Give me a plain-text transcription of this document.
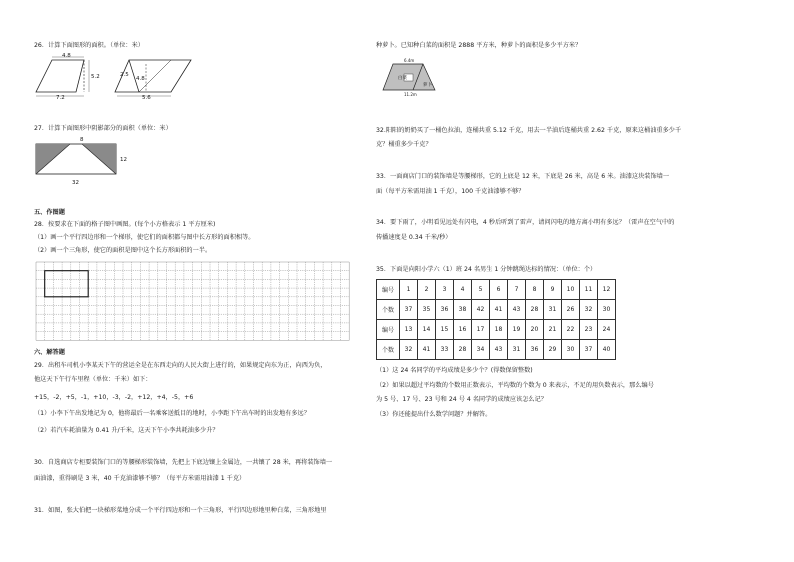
26．计算下面图形的面积。（单位：米）
4.8
5.2
7.2
2.5
4.8
5.6
27．计算下面图形中阴影部分的面积（单位：米）
8
12
32
五、作图题
28．按要求在下面的格子图中画图。(每个小方格表示 1 平方厘米)
（1）画一个平行四边形和一个梯形，使它们的面积都与图中长方形的面积相等。
（2）画一个三角形，使它的面积是图中这个长方形面积的一半。
六、解答题
29．出租车司机小李某天下午的营运全是在东西走向的人民大街上进行的，如果规定向东为正，向西为负，
他这天下午行车里程（单位：千米）如下：
+15，-2，+5，-1，+10，-3，-2，+12，+4，-5，+6
（1）小李下午出发地记为 0，他将最后一名乘客送抵目的地时，小李距下午出车时的出发地有多远？
（2）若汽车耗油量为 0.41 升/千米，这天下午小李共耗油多少升？
30．自选商店专柜要装饰门口的等腰梯形装饰墙，先把上下底边镶上金属边，一共镶了 28 米，再将装饰墙一
面油漆，重得刷是 3 米，40 千克油漆够不够？（每平方米需用油漆 1 千克）
31．如图，张大伯把一块梯形菜地分成一个平行四边形和一个三角形，平行四边形地里种白菜，三角形地里
种萝卜。已知种白菜的面积是 2888 平方米，种萝卜的面积是多少平方米？
6.4m
白菜
萝卜
11.2m
32.阳阳的奶奶买了一桶色拉油，连桶共重 5.12 千克，用去一半油后连桶共重 2.62 千克，原来这桶油重多少千
克？桶重多少千克？
33．一面商店门口的装饰墙是等腰梯形，它的上底是 12 米，下底是 26 米，高是 6 米。油漆这块装饰墙一
面（每平方米需用油 1 千克），100 千克油漆够不够？
34．要下雨了，小明看见远处有闪电，4 秒后听到了雷声，请问闪电的地方离小明有多远？（雷声在空气中的
传播速度是 0.34 千米/秒）
35．下面是向阳小学六（1）班 24 名男生 1 分钟跳绳达标的情况：（单位：个）
编号	1	2	3	4	5	6	7	8	9	10	11	12
个数	37	35	36	38	42	41	43	28	31	26	32	30
编号	13	14	15	16	17	18	19	20	21	22	23	24
个数	32	41	33	28	34	43	31	36	29	30	37	40
（1）这 24 名同学的平均成绩是多少个？(得数保留整数)
（2）如果以超过平均数的个数用正数表示，平均数的个数为 0 来表示，不足的用负数表示，那么编号
为 5 号、17 号、23 号和 24 号 4 名同学的成绩应该怎么记？
（3）你还能提出什么数学问题？并解答。
